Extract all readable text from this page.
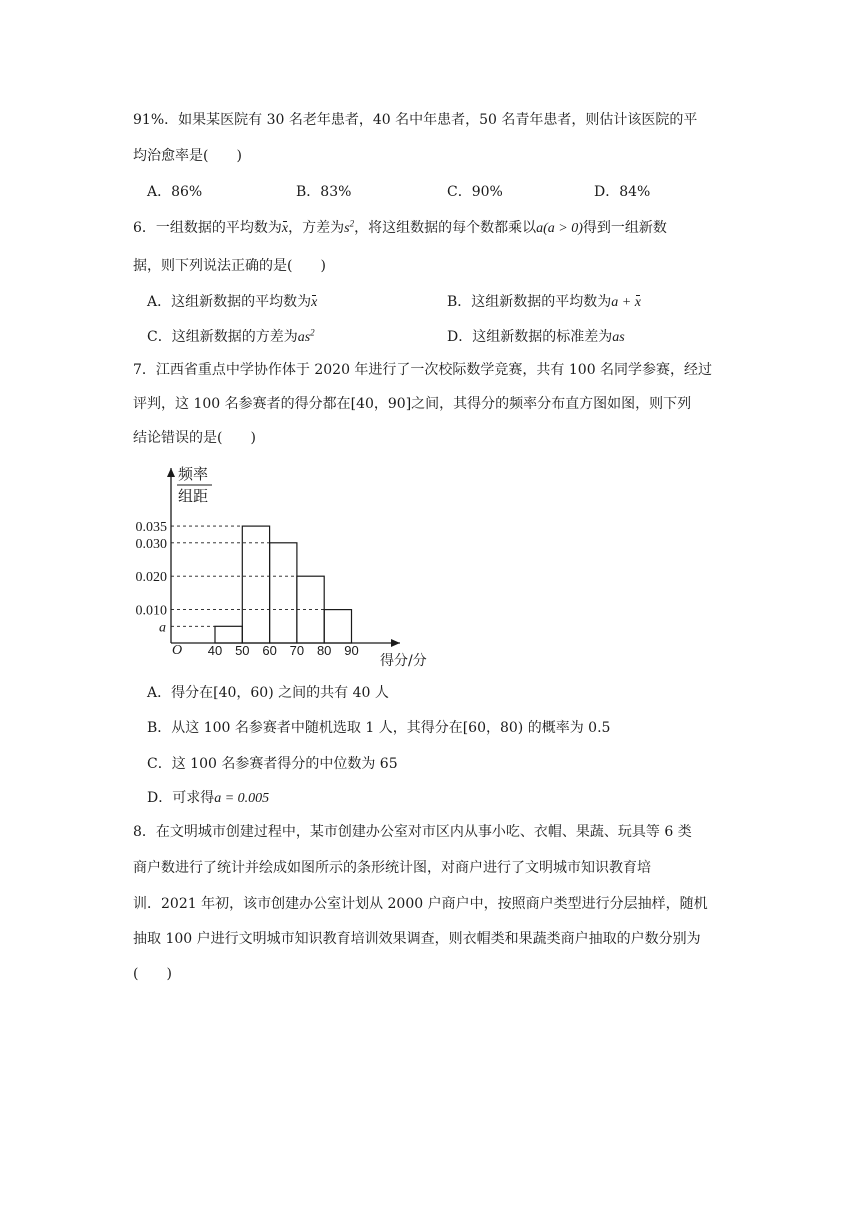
91%．如果某医院有 30 名老年患者，40 名中年患者，50 名青年患者，则估计该医院的平
均治愈率是(　　)
A．86%	B．83%	C．90%	D．84%
6．一组数据的平均数为x，方差为$s^2$，将这组数据的每个数都乘以a(a > 0)得到一组新数
据，则下列说法正确的是(　　)
A．这组新数据的平均数为x	B．这组新数据的平均数为a + x
C．这组新数据的方差为$as^2$	D．这组新数据的标准差为as
7．江西省重点中学协作体于 2020 年进行了一次校际数学竞赛，共有 100 名同学参赛，经过
评判，这 100 名参赛者的得分都在[40，90]之间，其得分的频率分布直方图如图，则下列
结论错误的是(　　)
频率
组距
0.035
0.030
0.020
0.010
a
40 50 60 70 80 90
O
得分/分
A．得分在[40，60) 之间的共有 40 人
B．从这 100 名参赛者中随机选取 1 人，其得分在[60，80) 的概率为 0.5
C．这 100 名参赛者得分的中位数为 65
D．可求得a = 0.005
8．在文明城市创建过程中，某市创建办公室对市区内从事小吃、衣帽、果蔬、玩具等 6 类
商户数进行了统计并绘成如图所示的条形统计图，对商户进行了文明城市知识教育培
训．2021 年初，该市创建办公室计划从 2000 户商户中，按照商户类型进行分层抽样，随机
抽取 100 户进行文明城市知识教育培训效果调查，则衣帽类和果蔬类商户抽取的户数分别为
(　　)
